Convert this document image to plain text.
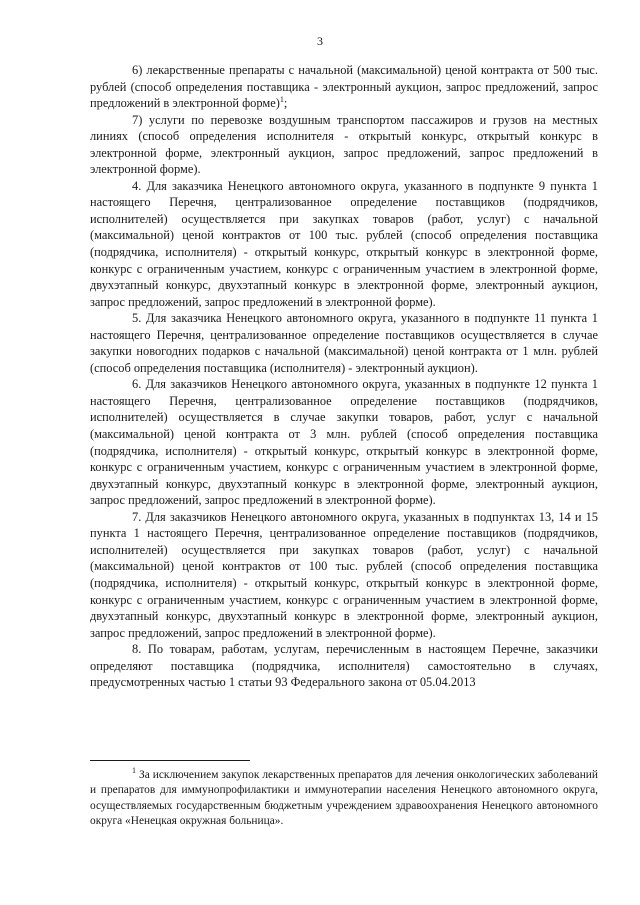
3

6) лекарственные препараты с начальной (максимальной) ценой контракта от 500 тыс. рублей (способ определения поставщика - электронный аукцион, запрос предложений, запрос предложений в электронной форме)$^1$;

7) услуги по перевозке воздушным транспортом пассажиров и грузов на местных линиях (способ определения исполнителя - открытый конкурс, открытый конкурс в электронной форме, электронный аукцион, запрос предложений, запрос предложений в электронной форме).

4. Для заказчика Ненецкого автономного округа, указанного в подпункте 9 пункта 1 настоящего Перечня, централизованное определение поставщиков (подрядчиков, исполнителей) осуществляется при закупках товаров (работ, услуг) с начальной (максимальной) ценой контрактов от 100 тыс. рублей (способ определения поставщика (подрядчика, исполнителя) - открытый конкурс, открытый конкурс в электронной форме, конкурс с ограниченным участием, конкурс с ограниченным участием в электронной форме, двухэтапный конкурс, двухэтапный конкурс в электронной форме, электронный аукцион, запрос предложений, запрос предложений в электронной форме).

5. Для заказчика Ненецкого автономного округа, указанного в подпункте 11 пункта 1 настоящего Перечня, централизованное определение поставщиков осуществляется в случае закупки новогодних подарков с начальной (максимальной) ценой контракта от 1 млн. рублей (способ определения поставщика (исполнителя) - электронный аукцион).

6. Для заказчиков Ненецкого автономного округа, указанных в подпункте 12 пункта 1 настоящего Перечня, централизованное определение поставщиков (подрядчиков, исполнителей) осуществляется в случае закупки товаров, работ, услуг с начальной (максимальной) ценой контракта от 3 млн. рублей (способ определения поставщика (подрядчика, исполнителя) - открытый конкурс, открытый конкурс в электронной форме, конкурс с ограниченным участием, конкурс с ограниченным участием в электронной форме, двухэтапный конкурс, двухэтапный конкурс в электронной форме, электронный аукцион, запрос предложений, запрос предложений в электронной форме).

7. Для заказчиков Ненецкого автономного округа, указанных в подпунктах 13, 14 и 15 пункта 1 настоящего Перечня, централизованное определение поставщиков (подрядчиков, исполнителей) осуществляется при закупках товаров (работ, услуг) с начальной (максимальной) ценой контрактов от 100 тыс. рублей (способ определения поставщика (подрядчика, исполнителя) - открытый конкурс, открытый конкурс в электронной форме, конкурс с ограниченным участием, конкурс с ограниченным участием в электронной форме, двухэтапный конкурс, двухэтапный конкурс в электронной форме, электронный аукцион, запрос предложений, запрос предложений в электронной форме).

8. По товарам, работам, услугам, перечисленным в настоящем Перечне, заказчики определяют поставщика (подрядчика, исполнителя) самостоятельно в случаях, предусмотренных частью 1 статьи 93 Федерального закона от 05.04.2013

$^1$ За исключением закупок лекарственных препаратов для лечения онкологических заболеваний и препаратов для иммунопрофилактики и иммунотерапии населения Ненецкого автономного округа, осуществляемых государственным бюджетным учреждением здравоохранения Ненецкого автономного округа «Ненецкая окружная больница».
